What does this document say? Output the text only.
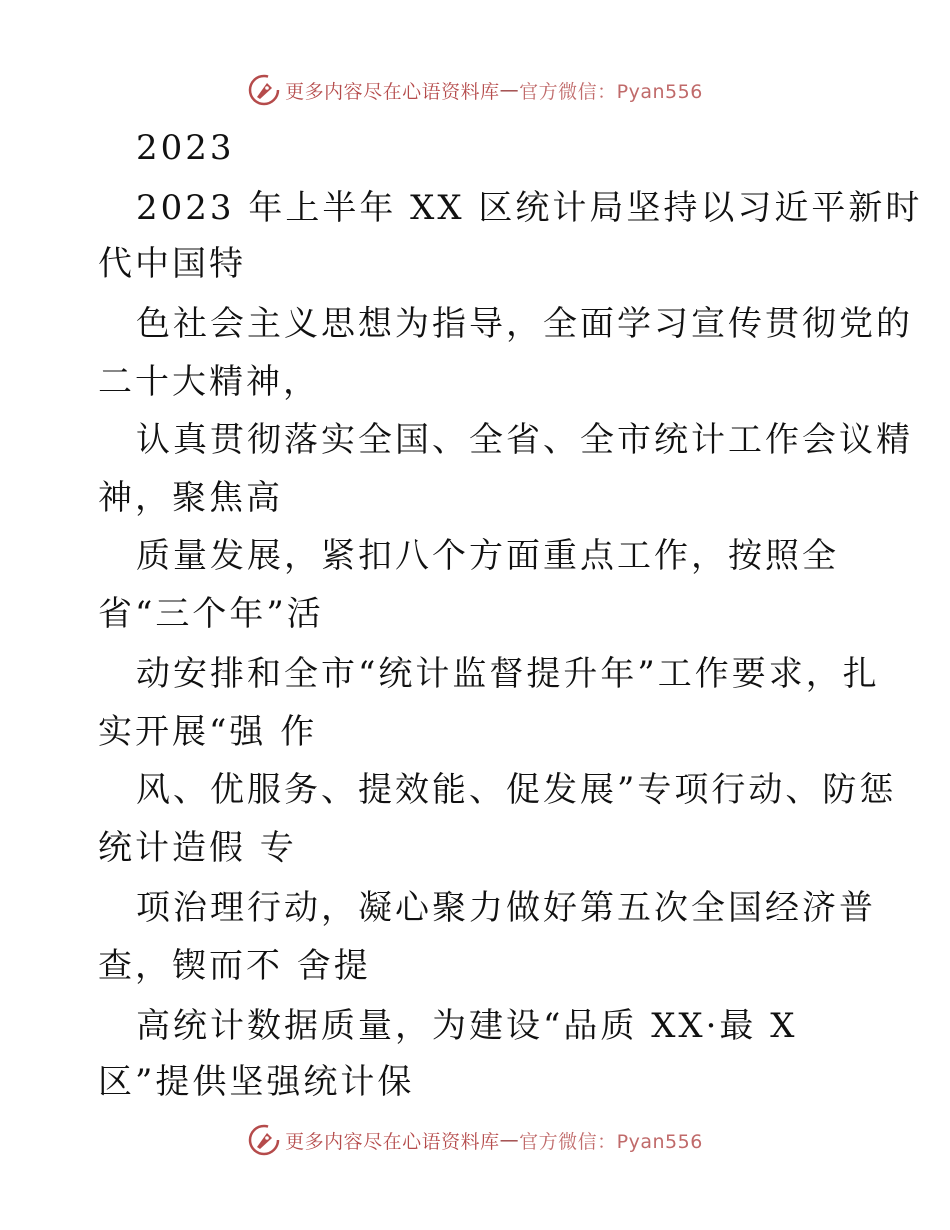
更多内容尽在心语资料库 — 官方微信：Pyan556
2023
2023 年上半年 XX 区统计局坚持以习近平新时
代中国特
色社会主义思想为指导，全面学习宣传贯彻党的
二十大精神，
认真贯彻落实全国、全省、全市统计工作会议精
神，聚焦高
质量发展，紧扣八个方面重点工作，按照全
省“三个年”活
动安排和全市“统计监督提升年”工作要求，扎
实开展“强 作
风、优服务、提效能、促发展”专项行动、防惩
统计造假 专
项治理行动，凝心聚力做好第五次全国经济普
查，锲而不 舍提
高统计数据质量，为建设“品质 XX·最 X
区”提供坚强统计保
更多内容尽在心语资料库 — 官方微信：Pyan556
